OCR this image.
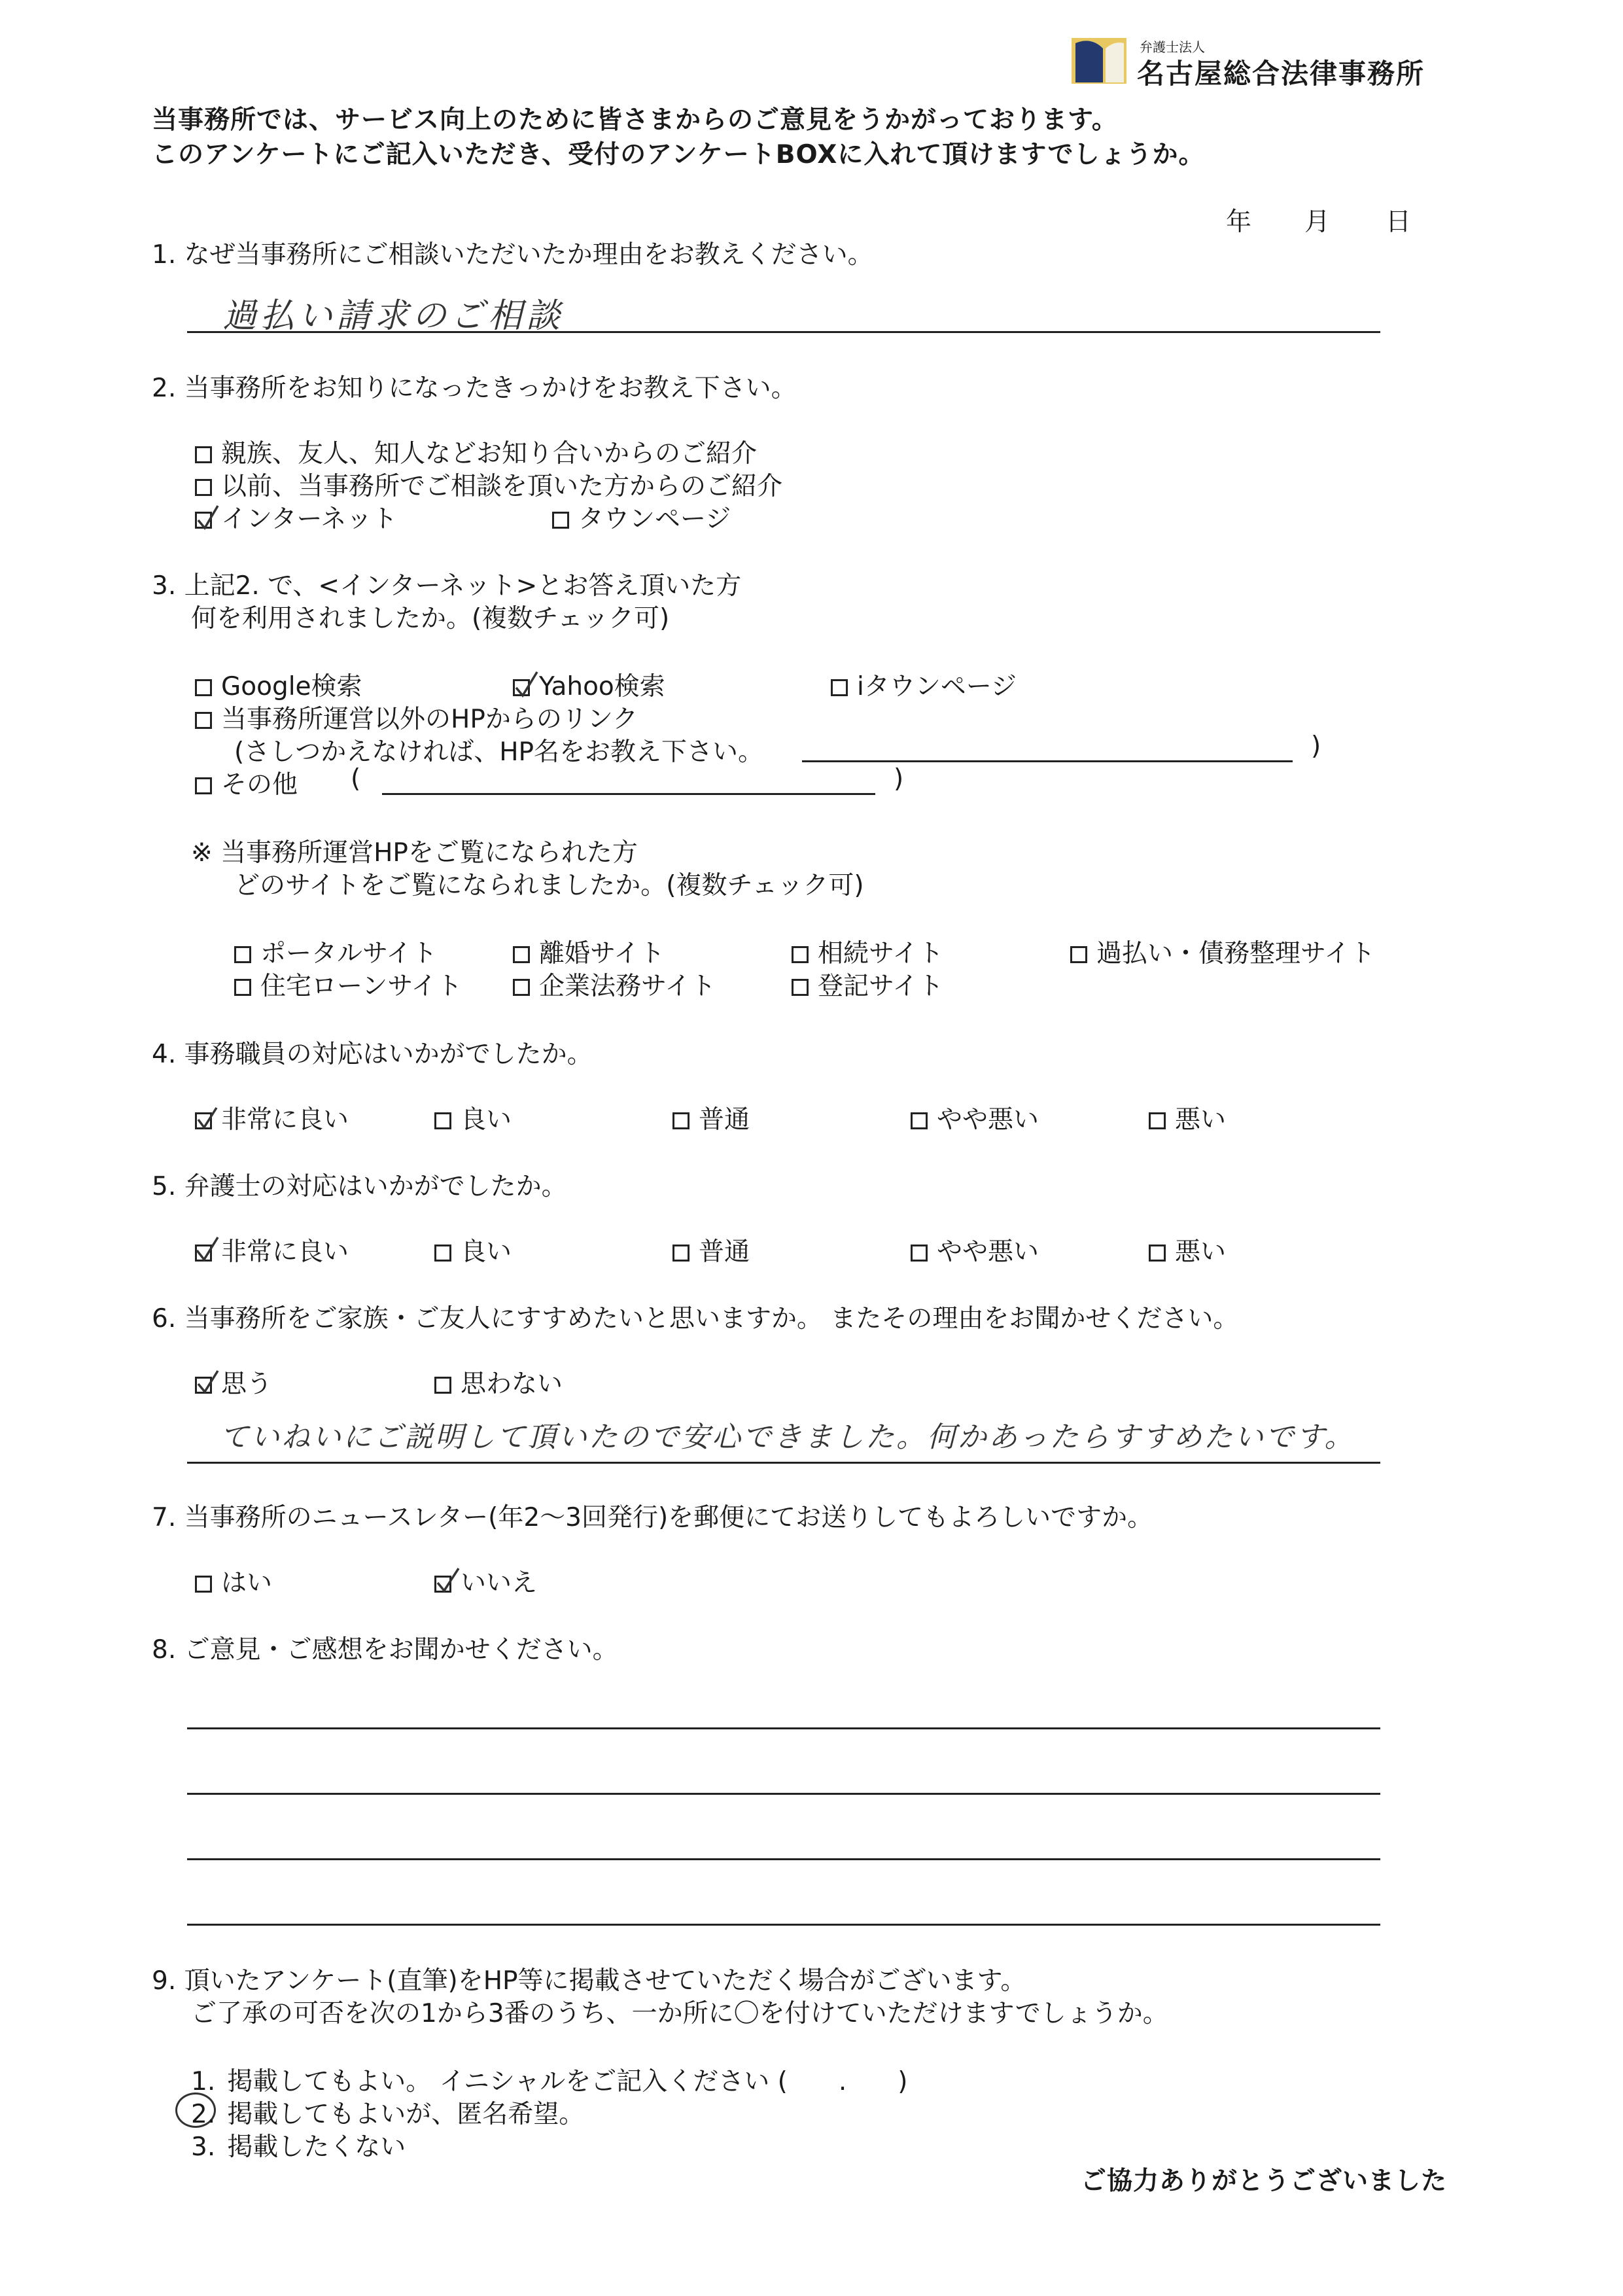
弁護士法人
名古屋総合法律事務所
当事務所では、サービス向上のために皆さまからのご意見をうかがっております。
このアンケートにご記入いただき、受付のアンケートBOXに入れて頂けますでしょうか。
年 月 日
1. なぜ当事務所にご相談いただいたか理由をお教えください。
過払い請求のご相談
2. 当事務所をお知りになったきっかけをお教え下さい。
親族、友人、知人などお知り合いからのご紹介
以前、当事務所でご相談を頂いた方からのご紹介
インターネット	タウンページ
3. 上記2. で、<インターネット>とお答え頂いた方
何を利用されましたか。(複数チェック可)
Google検索	Yahoo検索	iタウンページ
当事務所運営以外のHPからのリンク
(さしつかえなければ、HP名をお教え下さい。	)
その他 (	)
※ 当事務所運営HPをご覧になられた方
どのサイトをご覧になられましたか。(複数チェック可)
ポータルサイト	離婚サイト	相続サイト	過払い・債務整理サイト
住宅ローンサイト	企業法務サイト	登記サイト
4. 事務職員の対応はいかがでしたか。
非常に良い	良い	普通	やや悪い	悪い
5. 弁護士の対応はいかがでしたか。
非常に良い	良い	普通	やや悪い	悪い
6. 当事務所をご家族・ご友人にすすめたいと思いますか。 またその理由をお聞かせください。
思う	思わない
ていねいにご説明して頂いたので安心できました。何かあったらすすめたいです。
7. 当事務所のニュースレター(年2～3回発行)を郵便にてお送りしてもよろしいですか。
はい	いいえ
8. ご意見・ご感想をお聞かせください。
9. 頂いたアンケート(直筆)をHP等に掲載させていただく場合がございます。
ご了承の可否を次の1から3番のうち、一か所に〇を付けていただけますでしょうか。
1. 掲載してもよい。 イニシャルをご記入ください (　　.　　)
2. 掲載してもよいが、匿名希望。
3. 掲載したくない
ご協力ありがとうございました
